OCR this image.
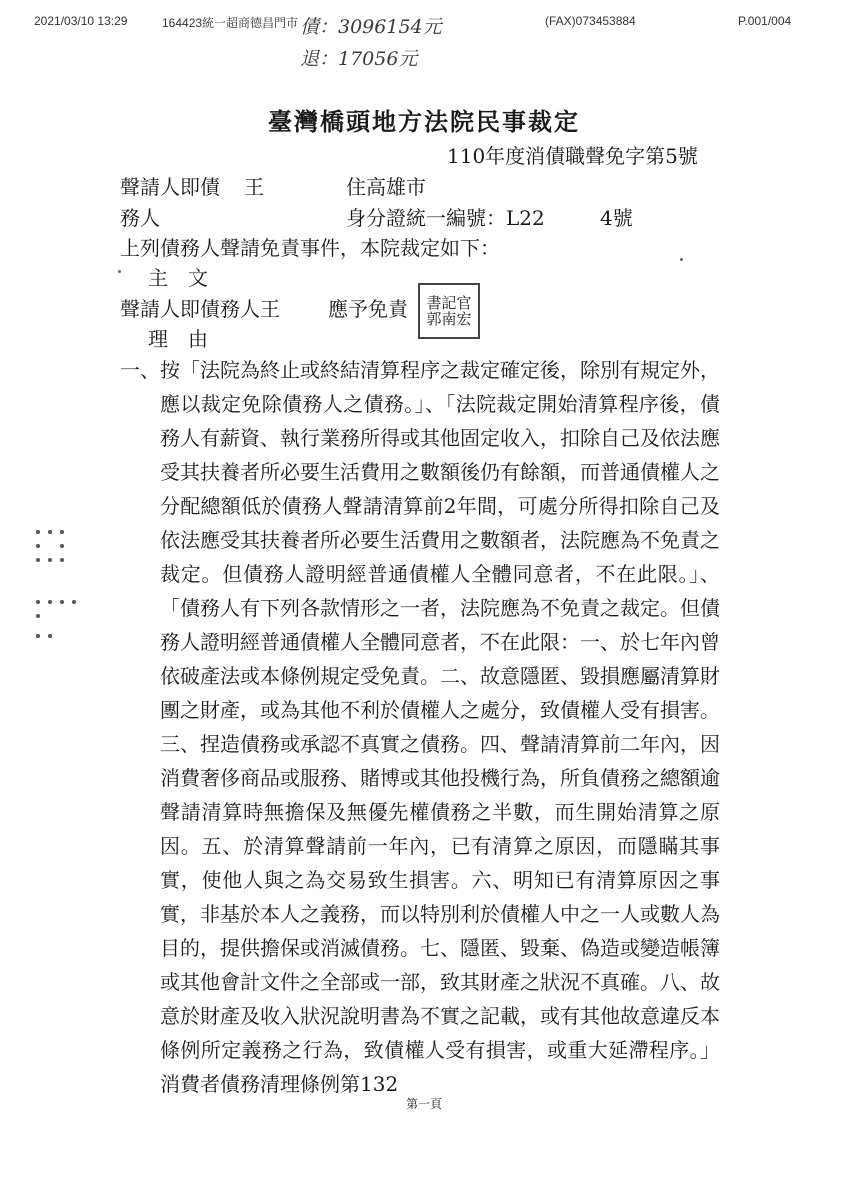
2021/03/10 13:29	164423統一超商德昌門市	(FAX)073453884	P.001/004
債：3096154元
退：17056元
臺灣橋頭地方法院民事裁定
110年度消債職聲免字第5號
聲請人即債 王	住高雄市
務人	身分證統一編號：L22	4號
上列債務人聲請免責事件，本院裁定如下：
主　文
聲請人即債務人王 應予免責 書記官
郭南宏
理　由

一、按「法院為終止或終結清算程序之裁定確定後，除別有規定外，應以裁定免除債務人之債務。」、「法院裁定開始清算程序後，債務人有薪資、執行業務所得或其他固定收入，扣除自己及依法應受其扶養者所必要生活費用之數額後仍有餘額，而普通債權人之分配總額低於債務人聲請清算前2年間，可處分所得扣除自己及依法應受其扶養者所必要生活費用之數額者，法院應為不免責之裁定。但債務人證明經普通債權人全體同意者，不在此限。」、「債務人有下列各款情形之一者，法院應為不免責之裁定。但債務人證明經普通債權人全體同意者，不在此限：一、於七年內曾依破產法或本條例規定受免責。二、故意隱匿、毀損應屬清算財團之財產，或為其他不利於債權人之處分，致債權人受有損害。三、捏造債務或承認不真實之債務。四、聲請清算前二年內，因消費奢侈商品或服務、賭博或其他投機行為，所負債務之總額逾聲請清算時無擔保及無優先權債務之半數，而生開始清算之原因。五、於清算聲請前一年內，已有清算之原因，而隱瞞其事實，使他人與之為交易致生損害。六、明知已有清算原因之事實，非基於本人之義務，而以特別利於債權人中之一人或數人為目的，提供擔保或消滅債務。七、隱匿、毀棄、偽造或變造帳簿或其他會計文件之全部或一部，致其財產之狀況不真確。八、故意於財產及收入狀況說明書為不實之記載，或有其他故意違反本條例所定義務之行為，致債權人受有損害，或重大延滯程序。」消費者債務清理條例第132

第一頁
